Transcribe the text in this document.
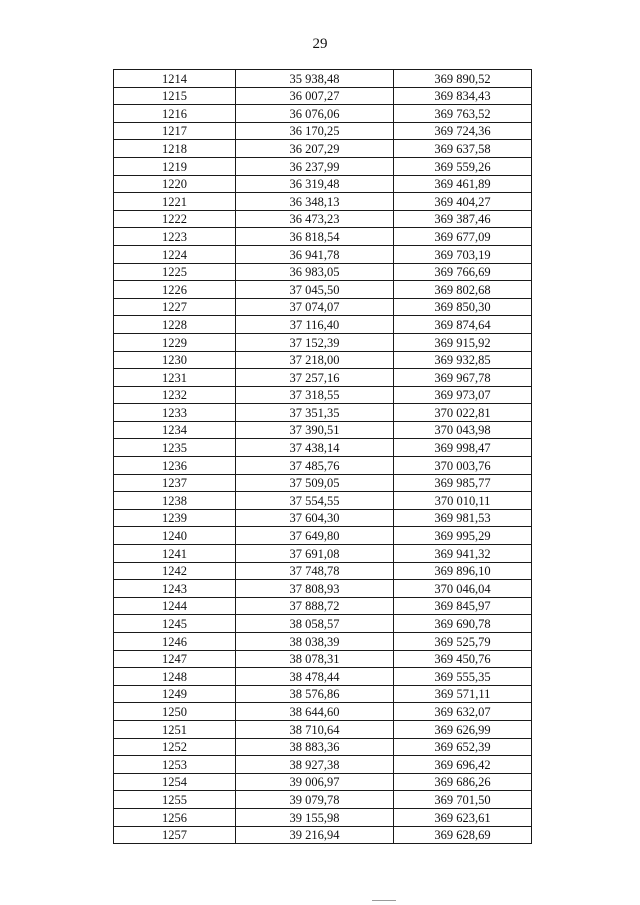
29
1214	35 938,48	369 890,52
1215	36 007,27	369 834,43
1216	36 076,06	369 763,52
1217	36 170,25	369 724,36
1218	36 207,29	369 637,58
1219	36 237,99	369 559,26
1220	36 319,48	369 461,89
1221	36 348,13	369 404,27
1222	36 473,23	369 387,46
1223	36 818,54	369 677,09
1224	36 941,78	369 703,19
1225	36 983,05	369 766,69
1226	37 045,50	369 802,68
1227	37 074,07	369 850,30
1228	37 116,40	369 874,64
1229	37 152,39	369 915,92
1230	37 218,00	369 932,85
1231	37 257,16	369 967,78
1232	37 318,55	369 973,07
1233	37 351,35	370 022,81
1234	37 390,51	370 043,98
1235	37 438,14	369 998,47
1236	37 485,76	370 003,76
1237	37 509,05	369 985,77
1238	37 554,55	370 010,11
1239	37 604,30	369 981,53
1240	37 649,80	369 995,29
1241	37 691,08	369 941,32
1242	37 748,78	369 896,10
1243	37 808,93	370 046,04
1244	37 888,72	369 845,97
1245	38 058,57	369 690,78
1246	38 038,39	369 525,79
1247	38 078,31	369 450,76
1248	38 478,44	369 555,35
1249	38 576,86	369 571,11
1250	38 644,60	369 632,07
1251	38 710,64	369 626,99
1252	38 883,36	369 652,39
1253	38 927,38	369 696,42
1254	39 006,97	369 686,26
1255	39 079,78	369 701,50
1256	39 155,98	369 623,61
1257	39 216,94	369 628,69
